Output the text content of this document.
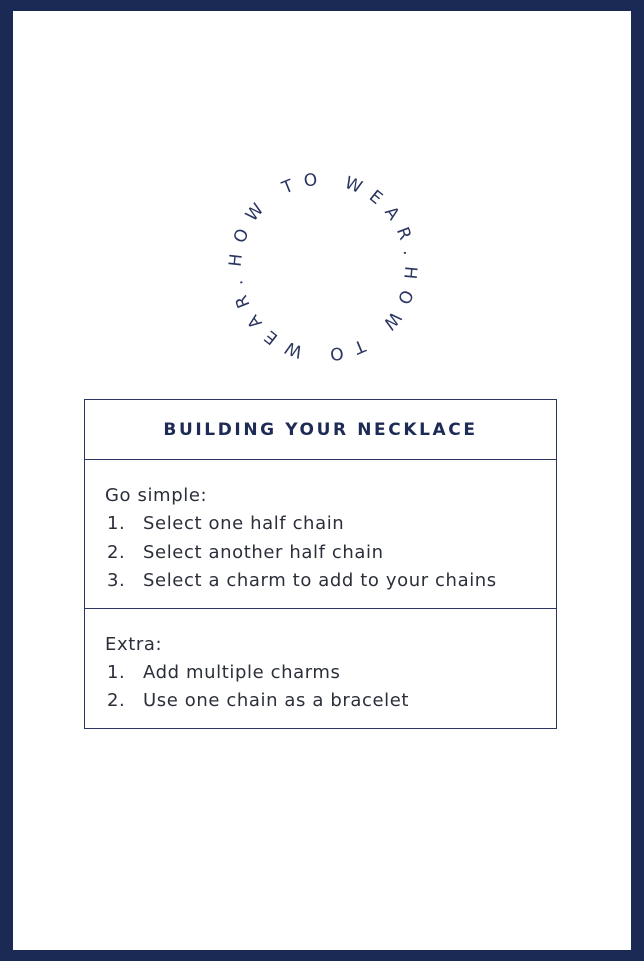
HOW TO WEAR.HOW TO WEAR.
BUILDING YOUR NECKLACE
Go simple:
1. Select one half chain
2. Select another half chain
3. Select a charm to add to your chains
Extra:
1. Add multiple charms
2. Use one chain as a bracelet
